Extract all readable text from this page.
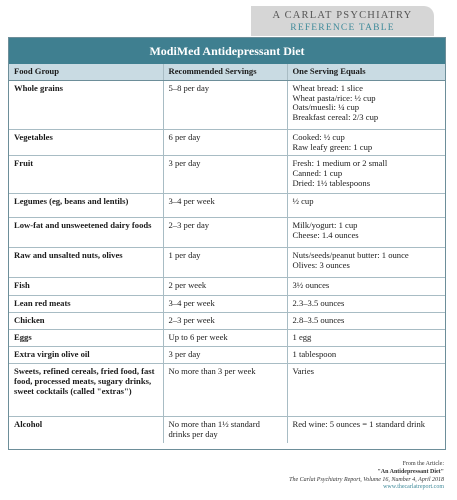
A CARLAT PSYCHIATRY
REFERENCE TABLE
ModiMed Antidepressant Diet
Food Group	Recommended Servings	One Serving Equals
Whole grains	5–8 per day	Wheat bread: 1 slice
Wheat pasta/rice: ½ cup
Oats/muesli: ¼ cup
Breakfast cereal: 2/3 cup

Vegetables	6 per day	Cooked: ½ cup
Raw leafy green: 1 cup

Fruit	3 per day	Fresh: 1 medium or 2 small
Canned: 1 cup
Dried: 1½ tablespoons

Legumes (eg, beans and lentils)	3–4 per week	½ cup

Low-fat and unsweetened dairy foods	2–3 per day	Milk/yogurt: 1 cup
Cheese: 1.4 ounces

Raw and unsalted nuts, olives	1 per day	Nuts/seeds/peanut butter: 1 ounce
Olives: 3 ounces

Fish	2 per week	3½ ounces

Lean red meats	3–4 per week	2.3–3.5 ounces

Chicken	2–3 per week	2.8–3.5 ounces

Eggs	Up to 6 per week	1 egg

Extra virgin olive oil	3 per day	1 tablespoon

Sweets, refined cereals, fried food, fast food, processed meats, sugary drinks, sweet cocktails (called "extras")	No more than 3 per week	Varies

Alcohol	No more than 1½ standard drinks per day	Red wine: 5 ounces = 1 standard drink
From the Article:
"An Antidepressant Diet"
The Carlat Psychiatry Report, Volume 16, Number 4, April 2018
www.thecarlatreport.com
